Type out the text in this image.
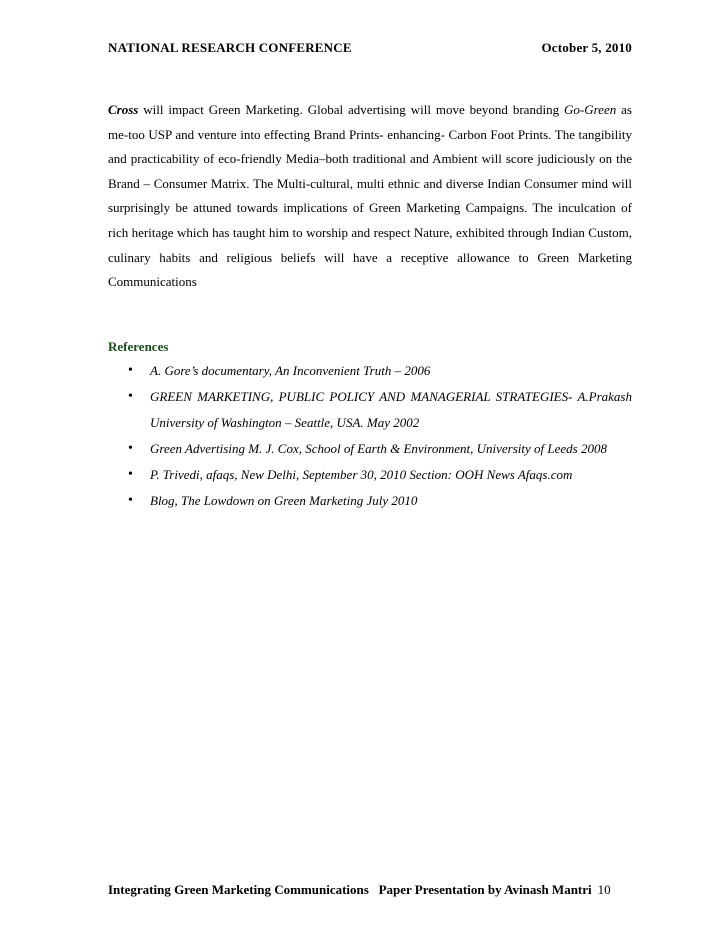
NATIONAL RESEARCH CONFERENCE	October 5, 2010
Cross will impact Green Marketing. Global advertising will move beyond branding Go-Green as me-too USP and venture into effecting Brand Prints- enhancing- Carbon Foot Prints. The tangibility and practicability of eco-friendly Media–both traditional and Ambient will score judiciously on the Brand – Consumer Matrix. The Multi-cultural, multi ethnic and diverse Indian Consumer mind will surprisingly be attuned towards implications of Green Marketing Campaigns. The inculcation of rich heritage which has taught him to worship and respect Nature, exhibited through Indian Custom, culinary habits and religious beliefs will have a receptive allowance to Green Marketing Communications
References
• A. Gore’s documentary, An Inconvenient Truth – 2006
• GREEN MARKETING, PUBLIC POLICY AND MANAGERIAL STRATEGIES- A.Prakash University of Washington – Seattle, USA. May 2002
• Green Advertising M. J. Cox, School of Earth & Environment, University of Leeds 2008
• P. Trivedi, afaqs, New Delhi, September 30, 2010 Section: OOH News Afaqs.com
• Blog, The Lowdown on Green Marketing July 2010
Integrating Green Marketing Communications   Paper Presentation by Avinash Mantri 10
